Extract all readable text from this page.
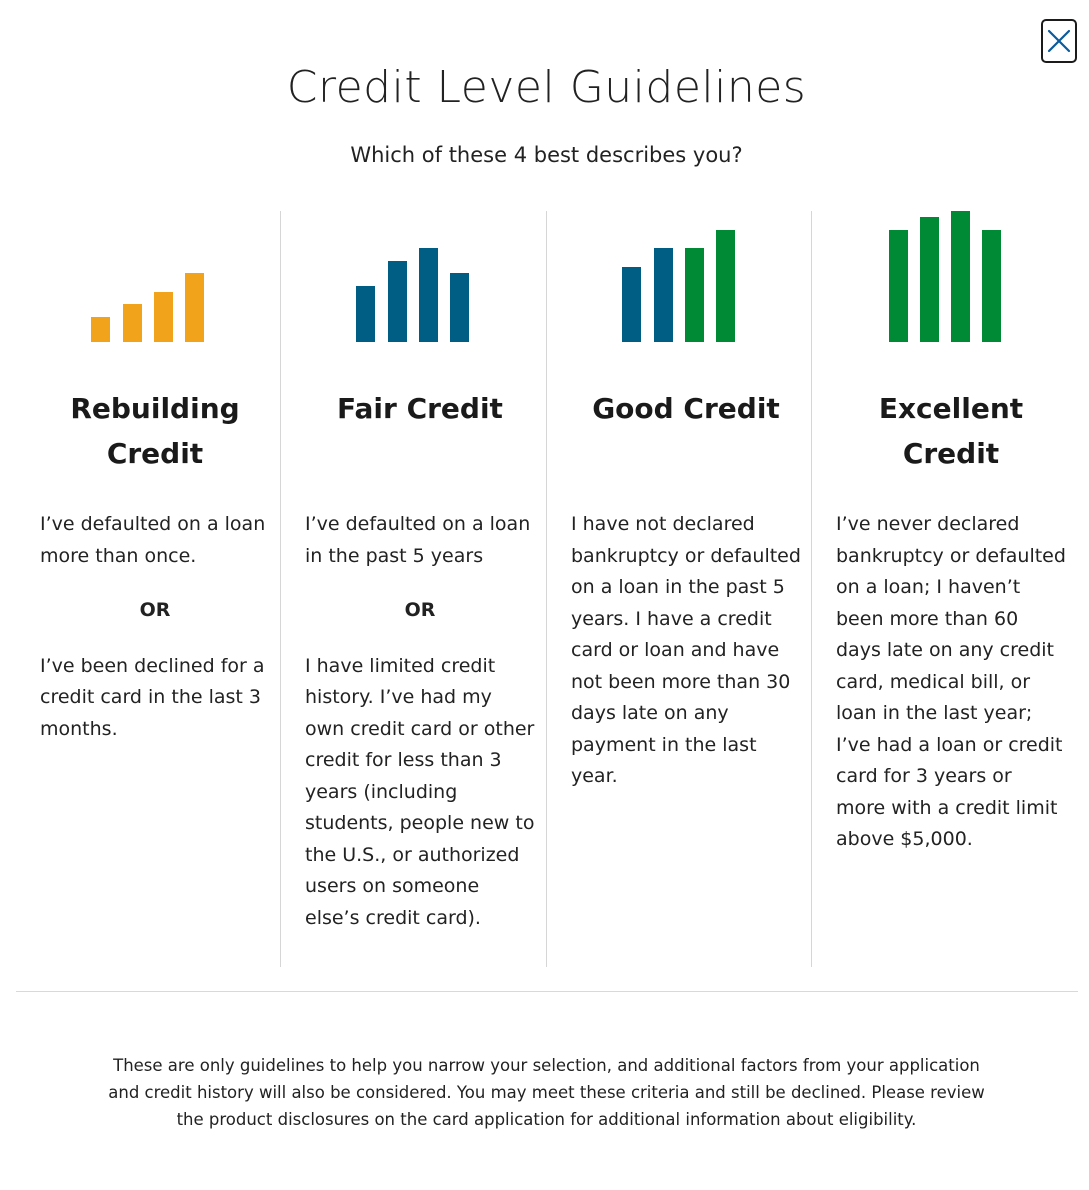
Credit Level Guidelines

Which of these 4 best describes you?

Rebuilding Credit

I’ve defaulted on a loan more than once.

OR

I’ve been declined for a credit card in the last 3 months.

Fair Credit

I’ve defaulted on a loan in the past 5 years

OR

I have limited credit history. I’ve had my own credit card or other credit for less than 3 years (including students, people new to the U.S., or authorized users on someone else’s credit card).

Good Credit

I have not declared bankruptcy or defaulted on a loan in the past 5 years. I have a credit card or loan and have not been more than 30 days late on any payment in the last year.

Excellent Credit

I’ve never declared bankruptcy or defaulted on a loan; I haven’t been more than 60 days late on any credit card, medical bill, or loan in the last year; I’ve had a loan or credit card for 3 years or more with a credit limit above $5,000.

These are only guidelines to help you narrow your selection, and additional factors from your application and credit history will also be considered. You may meet these criteria and still be declined. Please review the product disclosures on the card application for additional information about eligibility.
